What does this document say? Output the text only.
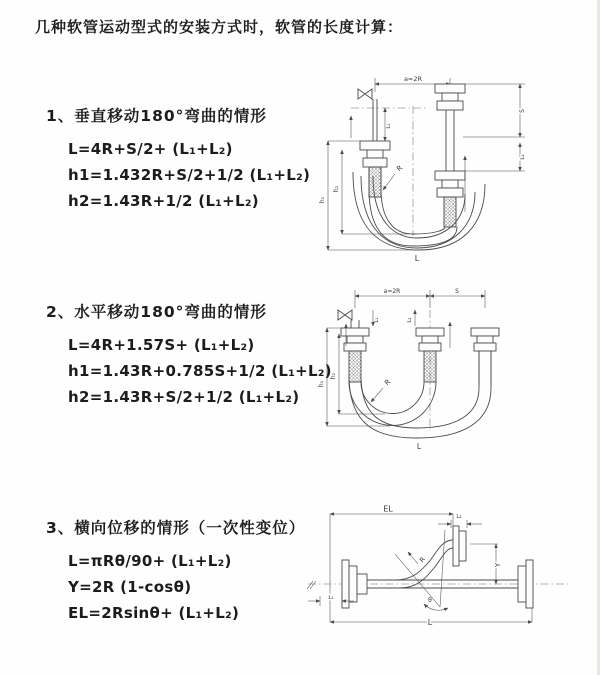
几种软管运动型式的安装方式时，软管的长度计算：
1、垂直移动180°弯曲的情形
L=4R+S/2+ (L₁+L₂)
h1=1.432R+S/2+1/2 (L₁+L₂)
h2=1.43R+1/2 (L₁+L₂)
2、水平移动180°弯曲的情形
L=4R+1.57S+ (L₁+L₂)
h1=1.43R+0.785S+1/2 (L₁+L₂)
h2=1.43R+S/2+1/2 (L₁+L₂)
3、横向位移的情形（一次性变位）
L=πRθ/90+ (L₁+L₂)
Y=2R (1-cosθ)
EL=2Rsinθ+ (L₁+L₂)
a=2R
h₁
h₂
L₁
S
L₂
R
L
a=2R	S
h₁
h₂
L₁	L₂
R
L
EL
L₂
Y
θ
R
L
L₁
